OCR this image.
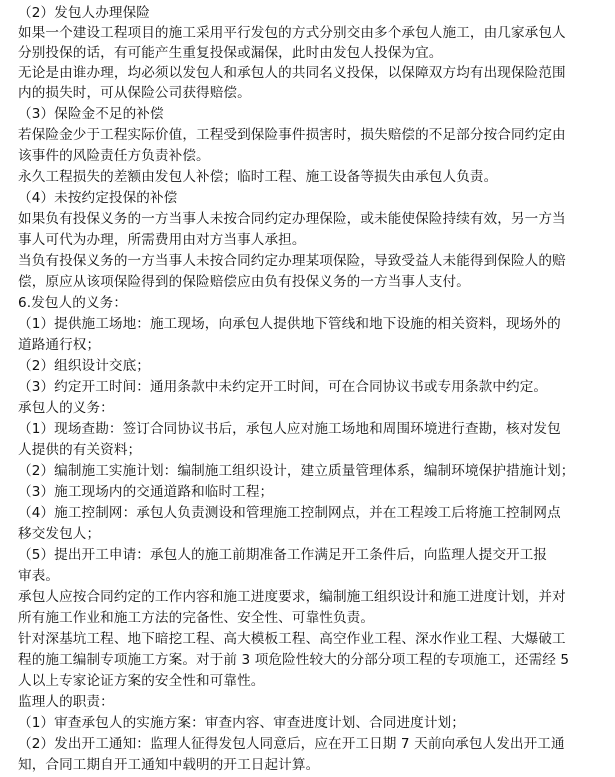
（2）发包人办理保险
如果一个建设工程项目的施工采用平行发包的方式分别交由多个承包人施工，由几家承包人
分别投保的话，有可能产生重复投保或漏保，此时由发包人投保为宜。
无论是由谁办理，均必须以发包人和承包人的共同名义投保，以保障双方均有出现保险范围
内的损失时，可从保险公司获得赔偿。
（3）保险金不足的补偿
若保险金少于工程实际价值，工程受到保险事件损害时，损失赔偿的不足部分按合同约定由
该事件的风险责任方负责补偿。
永久工程损失的差额由发包人补偿；临时工程、施工设备等损失由承包人负责。
（4）未按约定投保的补偿
如果负有投保义务的一方当事人未按合同约定办理保险，或未能使保险持续有效，另一方当
事人可代为办理，所需费用由对方当事人承担。
当负有投保义务的一方当事人未按合同约定办理某项保险，导致受益人未能得到保险人的赔
偿，原应从该项保险得到的保险赔偿应由负有投保义务的一方当事人支付。
6.发包人的义务：
（1）提供施工场地：施工现场，向承包人提供地下管线和地下设施的相关资料，现场外的
道路通行权；
（2）组织设计交底；
（3）约定开工时间：通用条款中未约定开工时间，可在合同协议书或专用条款中约定。
承包人的义务：
（1）现场查勘：签订合同协议书后，承包人应对施工场地和周围环境进行查勘，核对发包
人提供的有关资料；
（2）编制施工实施计划：编制施工组织设计，建立质量管理体系，编制环境保护措施计划；
（3）施工现场内的交通道路和临时工程；
（4）施工控制网：承包人负责测设和管理施工控制网点，并在工程竣工后将施工控制网点
移交发包人；
（5）提出开工申请：承包人的施工前期准备工作满足开工条件后，向监理人提交开工报
审表。
承包人应按合同约定的工作内容和施工进度要求，编制施工组织设计和施工进度计划，并对
所有施工作业和施工方法的完备性、安全性、可靠性负责。
针对深基坑工程、地下暗挖工程、高大模板工程、高空作业工程、深水作业工程、大爆破工
程的施工编制专项施工方案。对于前 3 项危险性较大的分部分项工程的专项施工，还需经 5
人以上专家论证方案的安全性和可靠性。
监理人的职责：
（1）审查承包人的实施方案：审查内容、审查进度计划、合同进度计划；
（2）发出开工通知：监理人征得发包人同意后，应在开工日期 7 天前向承包人发出开工通
知，合同工期自开工通知中载明的开工日起计算。
